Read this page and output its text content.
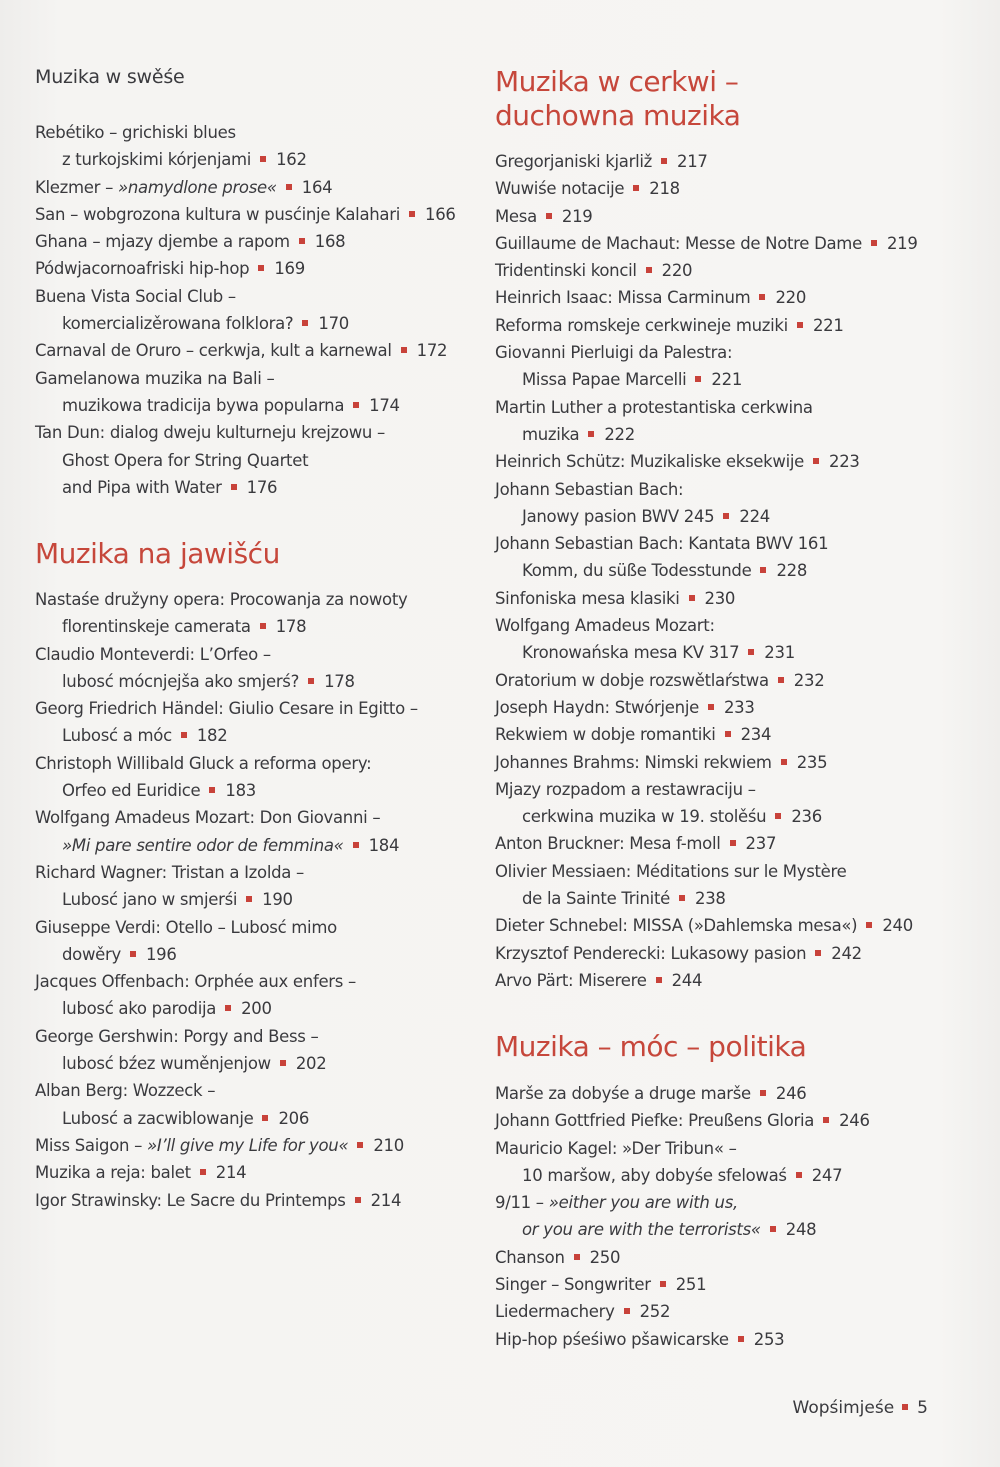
Muzika w swěśe
Rebétiko – grichiski blues
z turkojskimi kórjenjami 162
Klezmer – »namydlone prose« 164
San – wobgrozona kultura w pusćinje Kalahari 166
Ghana – mjazy djembe a rapom 168
Pódwjacornoafriski hip-hop 169
Buena Vista Social Club –
komercializěrowana folklora? 170
Carnaval de Oruro – cerkwja, kult a karnewal 172
Gamelanowa muzika na Bali –
muzikowa tradicija bywa popularna 174
Tan Dun: dialog dweju kulturneju krejzowu –
Ghost Opera for String Quartet
and Pipa with Water 176
Muzika na jawišću
Nastaśe družyny opera: Procowanja za nowoty
florentinskeje camerata 178
Claudio Monteverdi: L’Orfeo –
lubosć mócnjejša ako smjerś? 178
Georg Friedrich Händel: Giulio Cesare in Egitto –
Lubosć a móc 182
Christoph Willibald Gluck a reforma opery:
Orfeo ed Euridice 183
Wolfgang Amadeus Mozart: Don Giovanni –
»Mi pare sentire odor de femmina« 184
Richard Wagner: Tristan a Izolda –
Lubosć jano w smjerśi 190
Giuseppe Verdi: Otello – Lubosć mimo
dowěry 196
Jacques Offenbach: Orphée aux enfers –
lubosć ako parodija 200
George Gershwin: Porgy and Bess –
lubosć bźez wuměnjenjow 202
Alban Berg: Wozzeck –
Lubosć a zacwiblowanje 206
Miss Saigon – »I’ll give my Life for you« 210
Muzika a reja: balet 214
Igor Strawinsky: Le Sacre du Printemps 214
Muzika w cerkwi –
duchowna muzika
Gregorjaniski kjarliž 217
Wuwiśe notacije 218
Mesa 219
Guillaume de Machaut: Messe de Notre Dame 219
Tridentinski koncil 220
Heinrich Isaac: Missa Carminum 220
Reforma romskeje cerkwineje muziki 221
Giovanni Pierluigi da Palestra:
Missa Papae Marcelli 221
Martin Luther a protestantiska cerkwina
muzika 222
Heinrich Schütz: Muzikaliske eksekwije 223
Johann Sebastian Bach:
Janowy pasion BWV 245 224
Johann Sebastian Bach: Kantata BWV 161
Komm, du süße Todesstunde 228
Sinfoniska mesa klasiki 230
Wolfgang Amadeus Mozart:
Kronowańska mesa KV 317 231
Oratorium w dobje rozswětlaŕstwa 232
Joseph Haydn: Stwórjenje 233
Rekwiem w dobje romantiki 234
Johannes Brahms: Nimski rekwiem 235
Mjazy rozpadom a restawraciju –
cerkwina muzika w 19. stolěśu 236
Anton Bruckner: Mesa f-moll 237
Olivier Messiaen: Méditations sur le Mystère
de la Sainte Trinité 238
Dieter Schnebel: MISSA (»Dahlemska mesa«) 240
Krzysztof Penderecki: Lukasowy pasion 242
Arvo Pärt: Miserere 244
Muzika – móc – politika
Marše za dobyśe a druge marše 246
Johann Gottfried Piefke: Preußens Gloria 246
Mauricio Kagel: »Der Tribun« –
10 maršow, aby dobyśe sfelowaś 247
9/11 – »either you are with us,
or you are with the terrorists« 248
Chanson 250
Singer – Songwriter 251
Liedermachery 252
Hip-hop pśeśiwo pšawicarske 253
Wopśimjeśe 5
